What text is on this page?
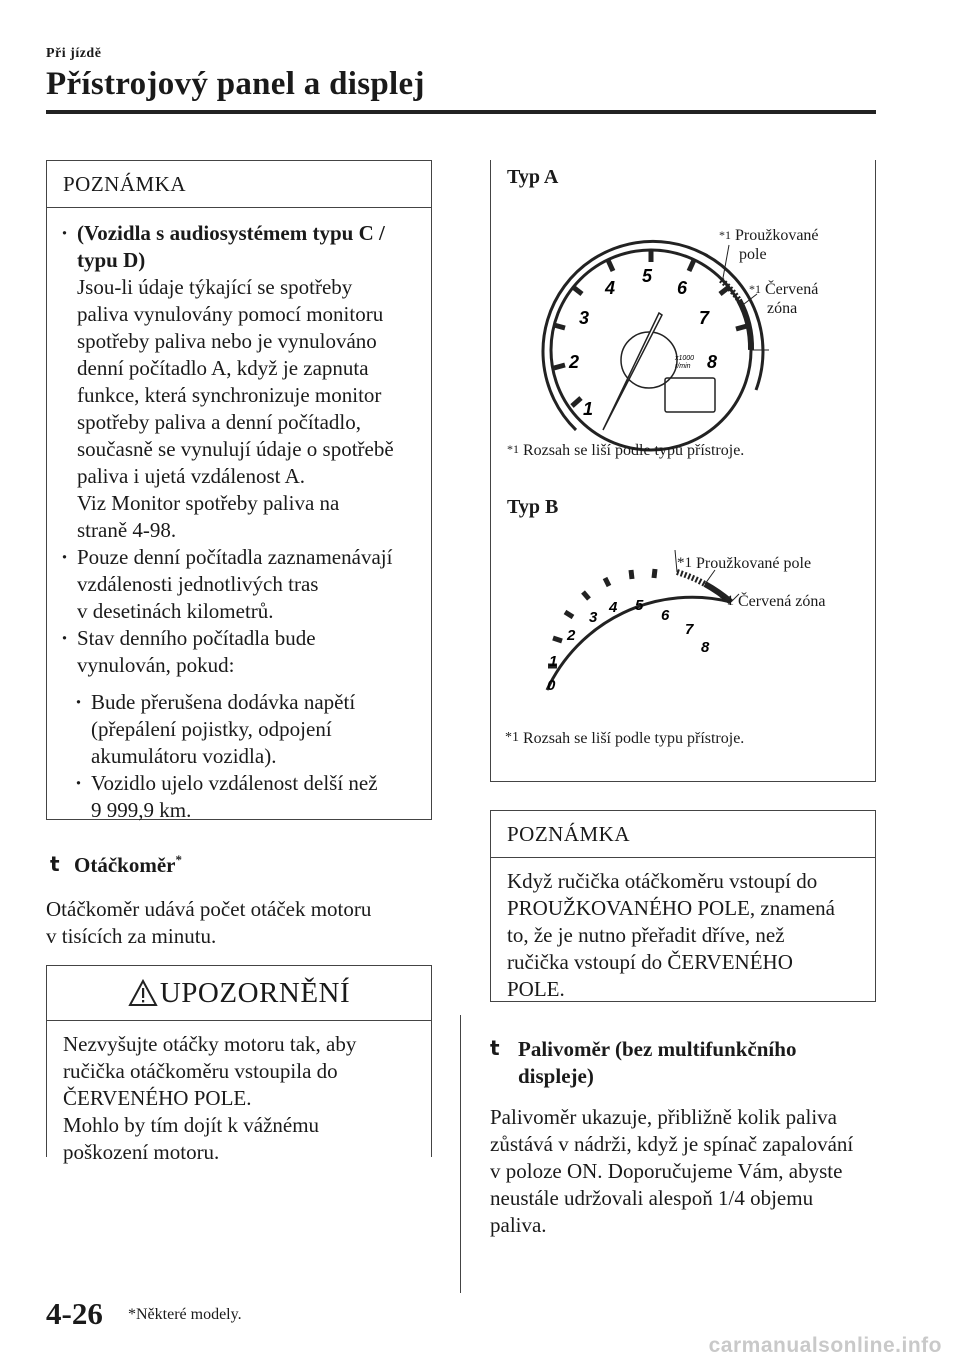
Při jízdě
Přístrojový panel a displej
POZNÁMKA
· (Vozidla s audiosystémem typu C / typu D)
Jsou-li údaje týkající se spotřeby
paliva vynulovány pomocí monitoru
spotřeby paliva nebo je vynulováno
denní počítadlo A, když je zapnuta
funkce, která synchronizuje monitor
spotřeby paliva a denní počítadlo,
současně se vynulují údaje o spotřebě
paliva i ujetá vzdálenost A.
Viz Monitor spotřeby paliva na
straně 4-98.
· Pouze denní počítadla zaznamenávají
vzdálenosti jednotlivých tras
v desetinách kilometrů.
· Stav denního počítadla bude
vynulován, pokud:
· Bude přerušena dodávka napětí
(přepálení pojistky, odpojení
akumulátoru vozidla).
· Vozidlo ujelo vzdálenost delší než
9 999,9 km.
t Otáčkoměr*
Otáčkoměr udává počet otáček motoru
v tisících za minutu.
UPOZORNĚNÍ
Nezvyšujte otáčky motoru tak, aby
ručička otáčkoměru vstoupila do
ČERVENÉHO POLE.
Mohlo by tím dojít k vážnému
poškození motoru.
Typ A
1
2
3
4
5
6
7
8
x1000
r/min
$^{*1}$ Proužkované
pole
$^{*1}$ Červená
zóna
$^{*1}$ Rozsah se liší podle typu přístroje.
Typ B
0
1
2
3
4 5
6
7
8
*1 Proužkované pole
*1 Červená zóna
*1 Rozsah se liší podle typu přístroje.
POZNÁMKA
Když ručička otáčkoměru vstoupí do
PROUŽKOVANÉHO POLE, znamená
to, že je nutno přeřadit dříve, než
ručička vstoupí do ČERVENÉHO
POLE.
t Palivoměr (bez multifunkčního
displeje)
Palivoměr ukazuje, přibližně kolik paliva
zůstává v nádrži, když je spínač zapalování
v poloze ON. Doporučujeme Vám, abyste
neustále udržovali alespoň 1/4 objemu
paliva.
4-26 *Některé modely.
carmanualsonline.info
